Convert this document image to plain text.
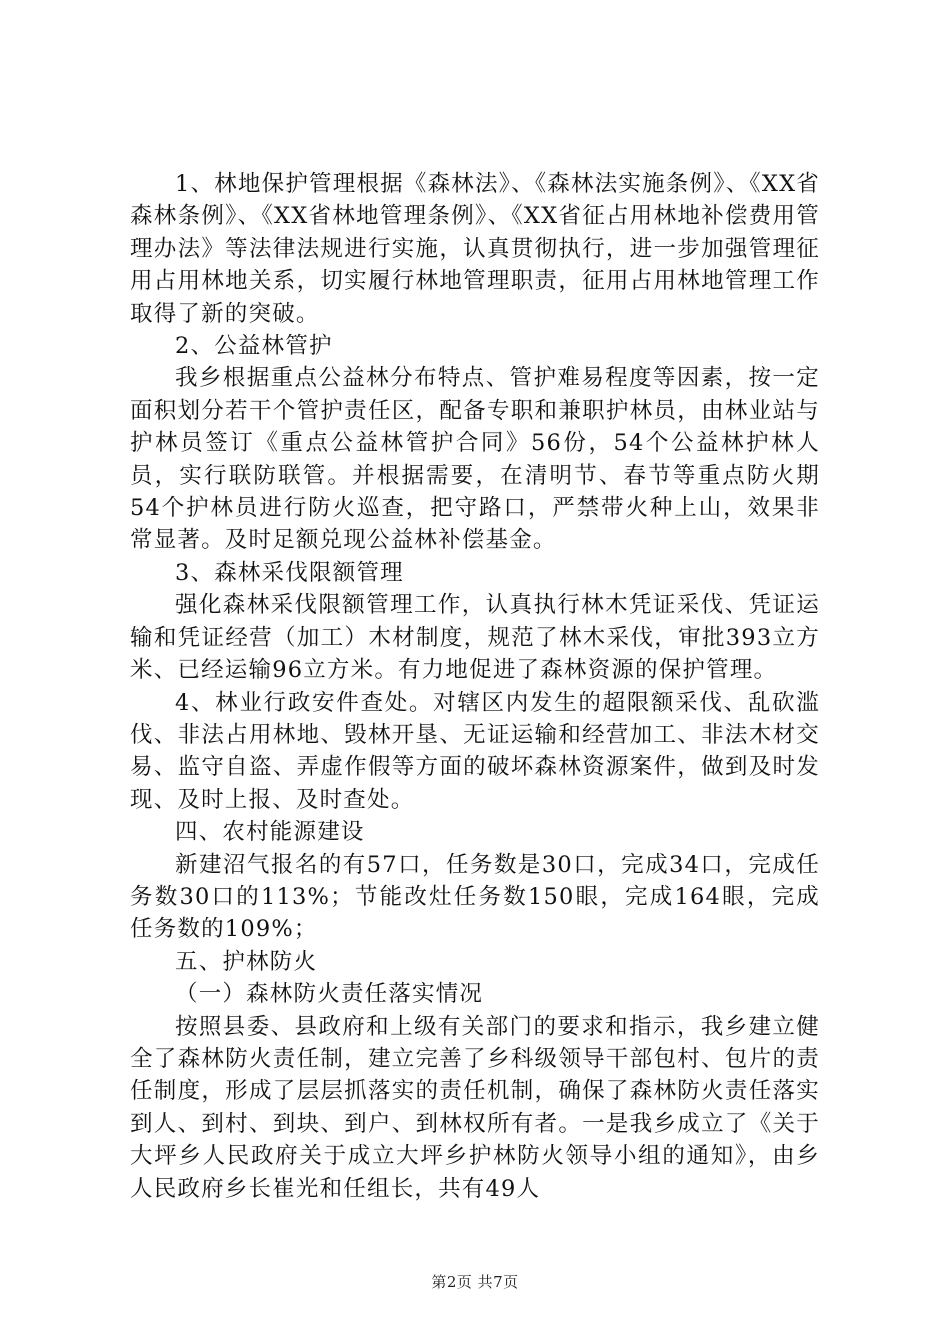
1、林地保护管理根据《森林法》、《森林法实施条例》、《XX省森林条例》、《XX省林地管理条例》、《XX省征占用林地补偿费用管理办法》等法律法规进行实施，认真贯彻执行，进一步加强管理征用占用林地关系，切实履行林地管理职责，征用占用林地管理工作取得了新的突破。

2、公益林管护

我乡根据重点公益林分布特点、管护难易程度等因素，按一定面积划分若干个管护责任区，配备专职和兼职护林员，由林业站与护林员签订《重点公益林管护合同》56份，54个公益林护林人员，实行联防联管。并根据需要，在清明节、春节等重点防火期54个护林员进行防火巡查，把守路口，严禁带火种上山，效果非常显著。及时足额兑现公益林补偿基金。

3、森林采伐限额管理

强化森林采伐限额管理工作，认真执行林木凭证采伐、凭证运输和凭证经营（加工）木材制度，规范了林木采伐，审批393立方米、已经运输96立方米。有力地促进了森林资源的保护管理。

4、林业行政安件查处。对辖区内发生的超限额采伐、乱砍滥伐、非法占用林地、毁林开垦、无证运输和经营加工、非法木材交易、监守自盗、弄虚作假等方面的破坏森林资源案件，做到及时发现、及时上报、及时查处。

四、农村能源建设

新建沼气报名的有57口，任务数是30口，完成34口，完成任务数30口的113%；节能改灶任务数150眼，完成164眼，完成任务数的109%；

五、护林防火

（一）森林防火责任落实情况

按照县委、县政府和上级有关部门的要求和指示，我乡建立健全了森林防火责任制，建立完善了乡科级领导干部包村、包片的责任制度，形成了层层抓落实的责任机制，确保了森林防火责任落实到人、到村、到块、到户、到林权所有者。一是我乡成立了《关于大坪乡人民政府关于成立大坪乡护林防火领导小组的通知》，由乡人民政府乡长崔光和任组长，共有49人

第2页 共7页
